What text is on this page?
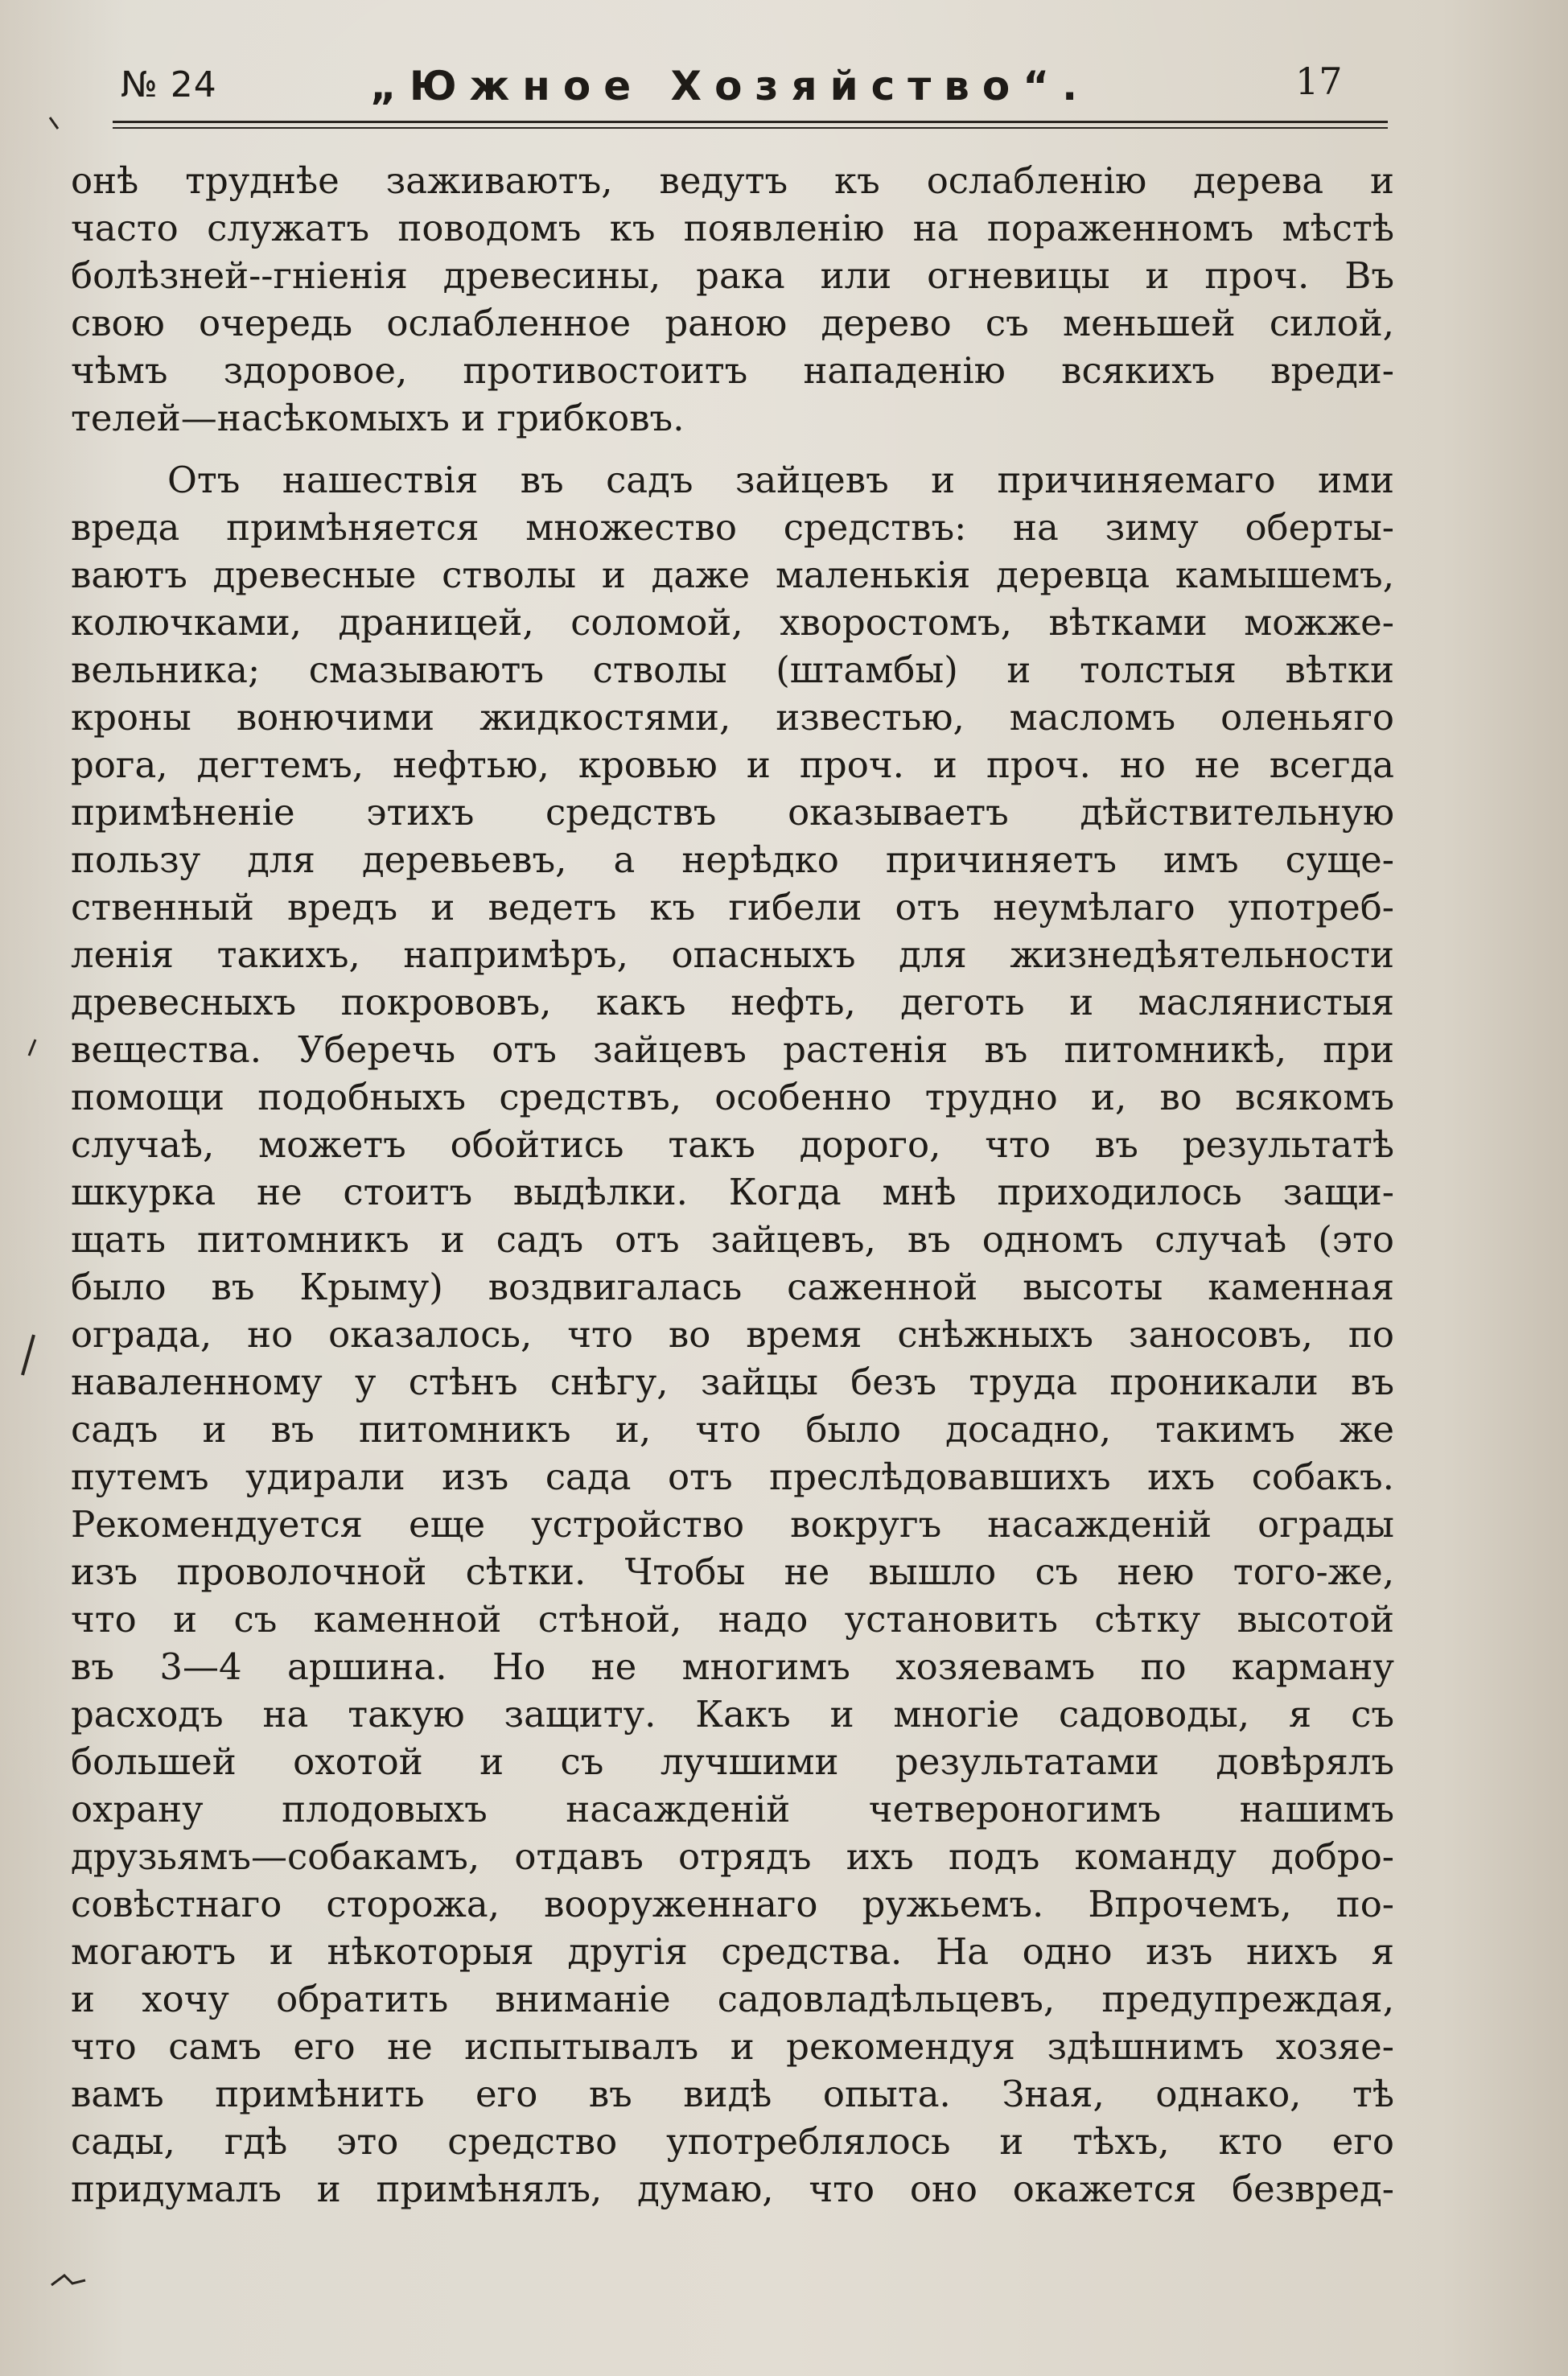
№ 24	„Южное Хозяйство“.	17
онѣ труднѣе заживаютъ, ведутъ къ ослабленію дерева и
часто служатъ поводомъ къ появленію на пораженномъ мѣстѣ
болѣзней--гніенія древесины, рака или огневицы и проч. Въ
свою очередь ослабленное раною дерево съ меньшей силой,
чѣмъ здоровое, противостоитъ нападенію всякихъ вреди-
телей—насѣкомыхъ и грибковъ.
Отъ нашествія въ садъ зайцевъ и причиняемаго ими
вреда примѣняется множество средствъ: на зиму оберты-
ваютъ древесные стволы и даже маленькія деревца камышемъ,
колючками, драницей, соломой, хворостомъ, вѣтками можже-
вельника; смазываютъ стволы (штамбы) и толстыя вѣтки
кроны вонючими жидкостями, известью, масломъ оленьяго
рога, дегтемъ, нефтью, кровью и проч. и проч. но не всегда
примѣненіе этихъ средствъ оказываетъ дѣйствительную
пользу для деревьевъ, а нерѣдко причиняетъ имъ суще-
ственный вредъ и ведетъ къ гибели отъ неумѣлаго употреб-
ленія такихъ, напримѣръ, опасныхъ для жизнедѣятельности
древесныхъ покрововъ, какъ нефть, деготь и маслянистыя
вещества. Уберечь отъ зайцевъ растенія въ питомникѣ, при
помощи подобныхъ средствъ, особенно трудно и, во всякомъ
случаѣ, можетъ обойтись такъ дорого, что въ результатѣ
шкурка не стоитъ выдѣлки. Когда мнѣ приходилось защи-
щать питомникъ и садъ отъ зайцевъ, въ одномъ случаѣ (это
было въ Крыму) воздвигалась саженной высоты каменная
ограда, но оказалось, что во время снѣжныхъ заносовъ, по
наваленному у стѣнъ снѣгу, зайцы безъ труда проникали въ
садъ и въ питомникъ и, что было досадно, такимъ же
путемъ удирали изъ сада отъ преслѣдовавшихъ ихъ собакъ.
Рекомендуется еще устройство вокругъ насажденій ограды
изъ проволочной сѣтки. Чтобы не вышло съ нею того-же,
что и съ каменной стѣной, надо установить сѣтку высотой
въ 3—4 аршина. Но не многимъ хозяевамъ по карману
расходъ на такую защиту. Какъ и многіе садоводы, я съ
большей охотой и съ лучшими результатами довѣрялъ
охрану плодовыхъ насажденій четвероногимъ нашимъ
друзьямъ—собакамъ, отдавъ отрядъ ихъ подъ команду добро-
совѣстнаго сторожа, вооруженнаго ружьемъ. Впрочемъ, по-
могаютъ и нѣкоторыя другія средства. На одно изъ нихъ я
и хочу обратить вниманіе садовладѣльцевъ, предупреждая,
что самъ его не испытывалъ и рекомендуя здѣшнимъ хозяе-
вамъ примѣнить его въ видѣ опыта. Зная, однако, тѣ
сады, гдѣ это средство употреблялось и тѣхъ, кто его
придумалъ и примѣнялъ, думаю, что оно окажется безвред-
